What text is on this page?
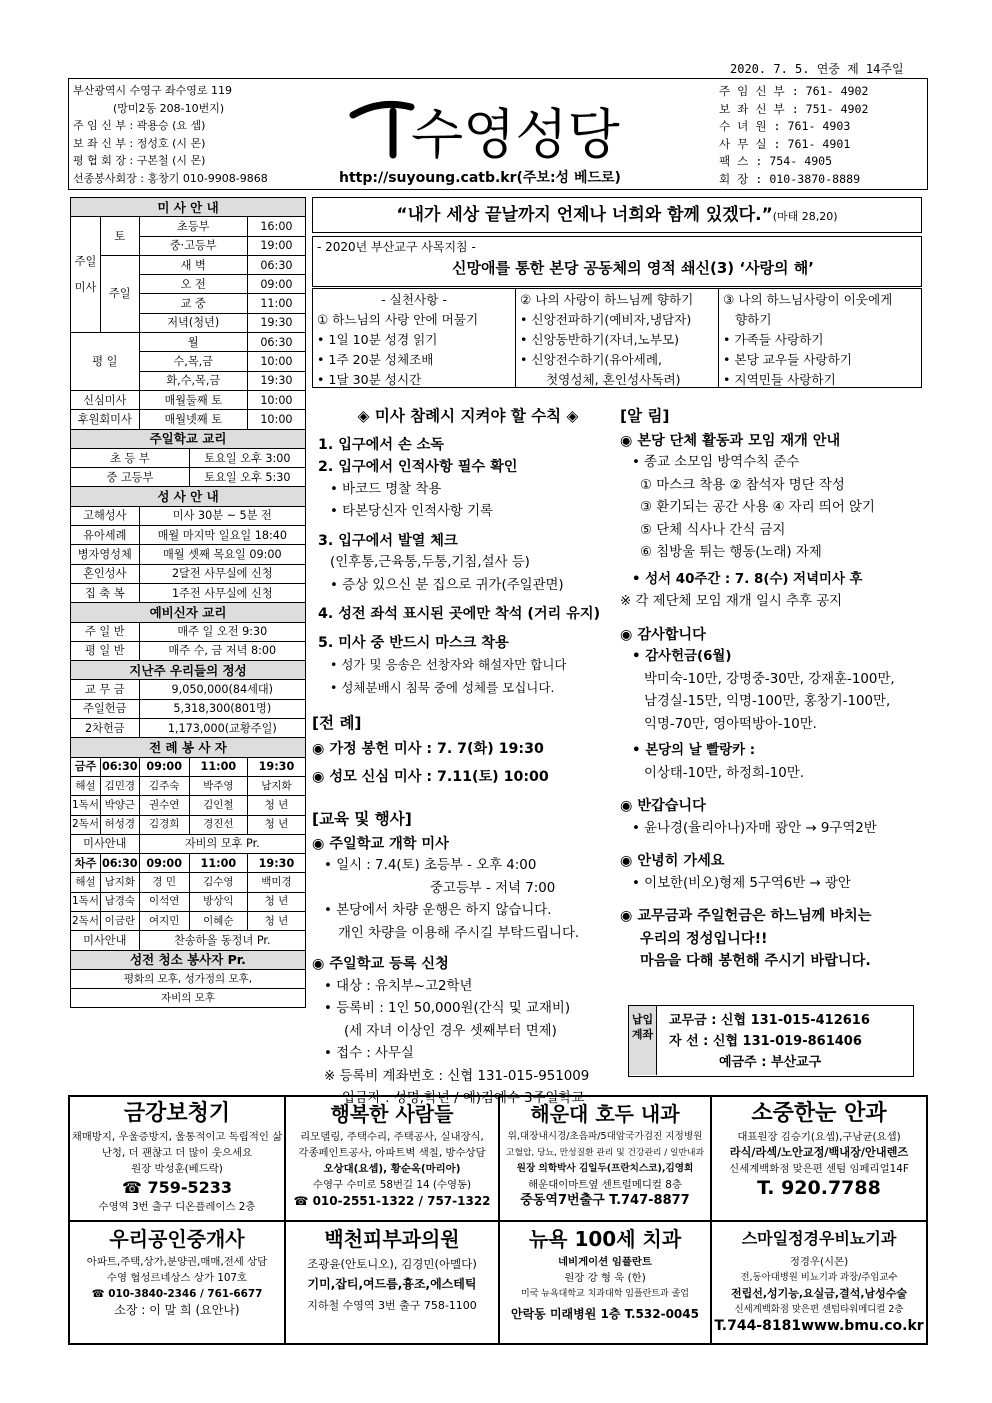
2020. 7. 5. 연중 제 14주일
부산광역시 수영구 좌수영로 119
(망미2동 208-10번지)
주 임 신 부 : 곽용승 (요 셉)
보 좌 신 부 : 정성호 (시 몬)
평 협 회 장 : 구본철 (시 몬)
선종봉사회장 : 홍창기 010-9908-9868
수영성당
http://suyoung.catb.kr(주보:성 베드로)
주 임 신 부 : 761- 4902
보 좌 신 부 : 751- 4902
수 녀 원 : 761- 4903
사 무 실 : 761- 4901
팩 스 : 754- 4905
회 장 : 010-3870-8889
미 사 안 내				
주일미사	토	초등부		16:00
		중·고등부		19:00
	주일	새 벽		06:30
		오 전		09:00
		교 중		11:00
		저녁(청년)		19:30
평 일		월		06:30
		수,목,금		10:00
		화,수,목,금		19:30
신심미사		매월둘째 토		10:00
후원회미사		매월넷째 토		10:00
주일학교 교리				
초 등 부			토요일 오후 3:00	
중 고등부			토요일 오후 5:30	
성 사 안 내				
고해성사		미사 30분 ~ 5분 전		
유아세례		매월 마지막 일요일 18:40		
병자영성체		매월 셋째 목요일 09:00		
혼인성사		2달전 사무실에 신청		
집 축 복		1주전 사무실에 신청		
예비신자 교리				
주 일 반		매주 일 오전 9:30		
평 일 반		매주 수, 금 저녁 8:00		
지난주 우리들의 정성				
교 무 금		9,050,000(84세대)		
주일헌금		5,318,300(801명)		
2차헌금		1,173,000(교황주일)		
전 례 봉 사 자				
금주	06:30	09:00	11:00	19:30
해설	김민경	김주숙	박주영	남지화
1독서	박양근	권수연	김인철	청 년
2독서	허성경	김경희	경진선	청 년
미사안내		자비의 모후 Pr.		
차주	06:30	09:00	11:00	19:30
해설	남지화	경 민	김수영	백미경
1독서	남경숙	이석연	방상익	청 년
2독서	이금란	여지민	이혜순	청 년
미사안내		찬송하올 동정녀 Pr.		
성전 청소 봉사자 Pr.				
평화의 모후, 성가정의 모후,				
자비의 모후				
“내가 세상 끝날까지 언제나 너희와 함께 있겠다.”(마태 28,20)
- 2020년 부산교구 사목지침 -
신망애를 통한 본당 공동체의 영적 쇄신(3) ‘사랑의 해’
- 실천사항 -
① 하느님의 사랑 안에 머물기
• 1일 10분 성경 읽기
• 1주 20분 성체조배
• 1달 30분 성시간
② 나의 사랑이 하느님께 향하기
• 신앙전파하기(예비자,냉담자)
• 신앙동반하기(자녀,노부모)
• 신앙전수하기(유아세례,
첫영성체, 혼인성사독려)
③ 나의 하느님사랑이 이웃에게
향하기
• 가족들 사랑하기
• 본당 교우들 사랑하기
• 지역민들 사랑하기
◈ 미사 참례시 지켜야 할 수칙 ◈
1. 입구에서 손 소독
2. 입구에서 인적사항 필수 확인
• 바코드 명찰 착용
• 타본당신자 인적사항 기록
3. 입구에서 발열 체크
(인후통,근육통,두통,기침,설사 등)
• 증상 있으신 분 집으로 귀가(주일관면)
4. 성전 좌석 표시된 곳에만 착석 (거리 유지)
5. 미사 중 반드시 마스크 착용
• 성가 및 응송은 선창자와 해설자만 합니다
• 성체분배시 침묵 중에 성체를 모십니다.
[전 례]
◉ 가정 봉헌 미사 : 7. 7(화) 19:30
◉ 성모 신심 미사 : 7.11(토) 10:00
[교육 및 행사]
◉ 주일학교 개학 미사
• 일시 : 7.4(토) 초등부 - 오후 4:00
중고등부 - 저녁 7:00
• 본당에서 차량 운행은 하지 않습니다.
개인 차량을 이용해 주시길 부탁드립니다.
◉ 주일학교 등록 신청
• 대상 : 유치부~고2학년
• 등록비 : 1인 50,000원(간식 및 교재비)
(세 자녀 이상인 경우 셋째부터 면제)
• 접수 : 사무실
※ 등록비 계좌번호 : 신협 131-015-951009
입금자 : 성명,학년 / 예)김예수 3주일학교
[알 림]
◉ 본당 단체 활동과 모임 재개 안내
• 종교 소모임 방역수칙 준수
① 마스크 착용 ② 참석자 명단 작성
③ 환기되는 공간 사용 ④ 자리 띄어 앉기
⑤ 단체 식사나 간식 금지
⑥ 침방울 튀는 행동(노래) 자제
• 성서 40주간 : 7. 8(수) 저녁미사 후
※ 각 제단체 모임 재개 일시 추후 공지
◉ 감사합니다
• 감사헌금(6월)
박미숙-10만, 강명중-30만, 강재훈-100만,
남경실-15만, 익명-100만, 홍창기-100만,
익명-70만, 영아떡방아-10만.
• 본당의 날 빨랑카 :
이상태-10만, 하정희-10만.
◉ 반갑습니다
• 윤나경(율리아나)자매 광안 → 9구역2반
◉ 안녕히 가세요
• 이보한(비오)형제 5구역6반 → 광안
◉ 교무금과 주일헌금은 하느님께 바치는
우리의 정성입니다!!
마음을 다해 봉헌해 주시기 바랍니다.
납입계좌
교무금 : 신협 131-015-412616
자 선 : 신협 131-019-861406
예금주 : 부산교구
금강보청기
채매방지, 우울증방지, 울통적이고 독립적인 삶
난청, 더 괜찮고 더 많이 웃으세요
원장 박성훈(베드락)
☎ 759-5233
수영역 3번 출구 디온플레이스 2층
행복한 사람들
리모델링, 주택수리, 주택공사, 실내장식,
각종페인트공사, 아파트벽 색칠, 방수상담
오상대(요셉), 황순옥(마리아)
수영구 수미로 58번길 14 (수영동)
☎ 010-2551-1322 / 757-1322
해운대 호두 내과
위,대장내시경/초음파/5대암국가검진 지정병원
고혈압, 당뇨, 만성질환 관리 및 건강관리 / 일반내과
원장 의학박사 김일두(프란치스코),김영희
해운대이마트옆 센트럴메디컬 8층
중동역7번출구 T.747-8877
소중한눈 안과
대표원장 김승기(요셉),구남균(요셉)
라식/라섹/노안교정/백내장/안내렌즈
신세계백화점 맞은편 센텀 임페리얼14F
T. 920.7788
우리공인중개사
아파트,주택,상가,분양권,매매,전세 상담
수영 협성르네상스 상가 107호
☎ 010-3840-2346 / 761-6677
소장 : 이 말 희 (요안나)
백천피부과의원
조광윤(안토니오), 김경민(아멜다)
기미,잡티,여드름,흉조,에스테틱
지하철 수영역 3번 출구 758-1100
뉴욕 100세 치과
네비게이션 임플란트
원장 강 형 욱 (한)
미국 뉴욕대학교 치과대학 임플란트과 졸업
안락동 미래병원 1층 T.532-0045
스마일정경우비뇨기과
정경우(시몬)
전,동아대병원 비뇨기과 과장/주임교수
전립선,성기능,요실금,결석,남성수술
신세계백화점 맞은편 센텀타워메디컬 2층
T.744-8181www.bmu.co.kr
